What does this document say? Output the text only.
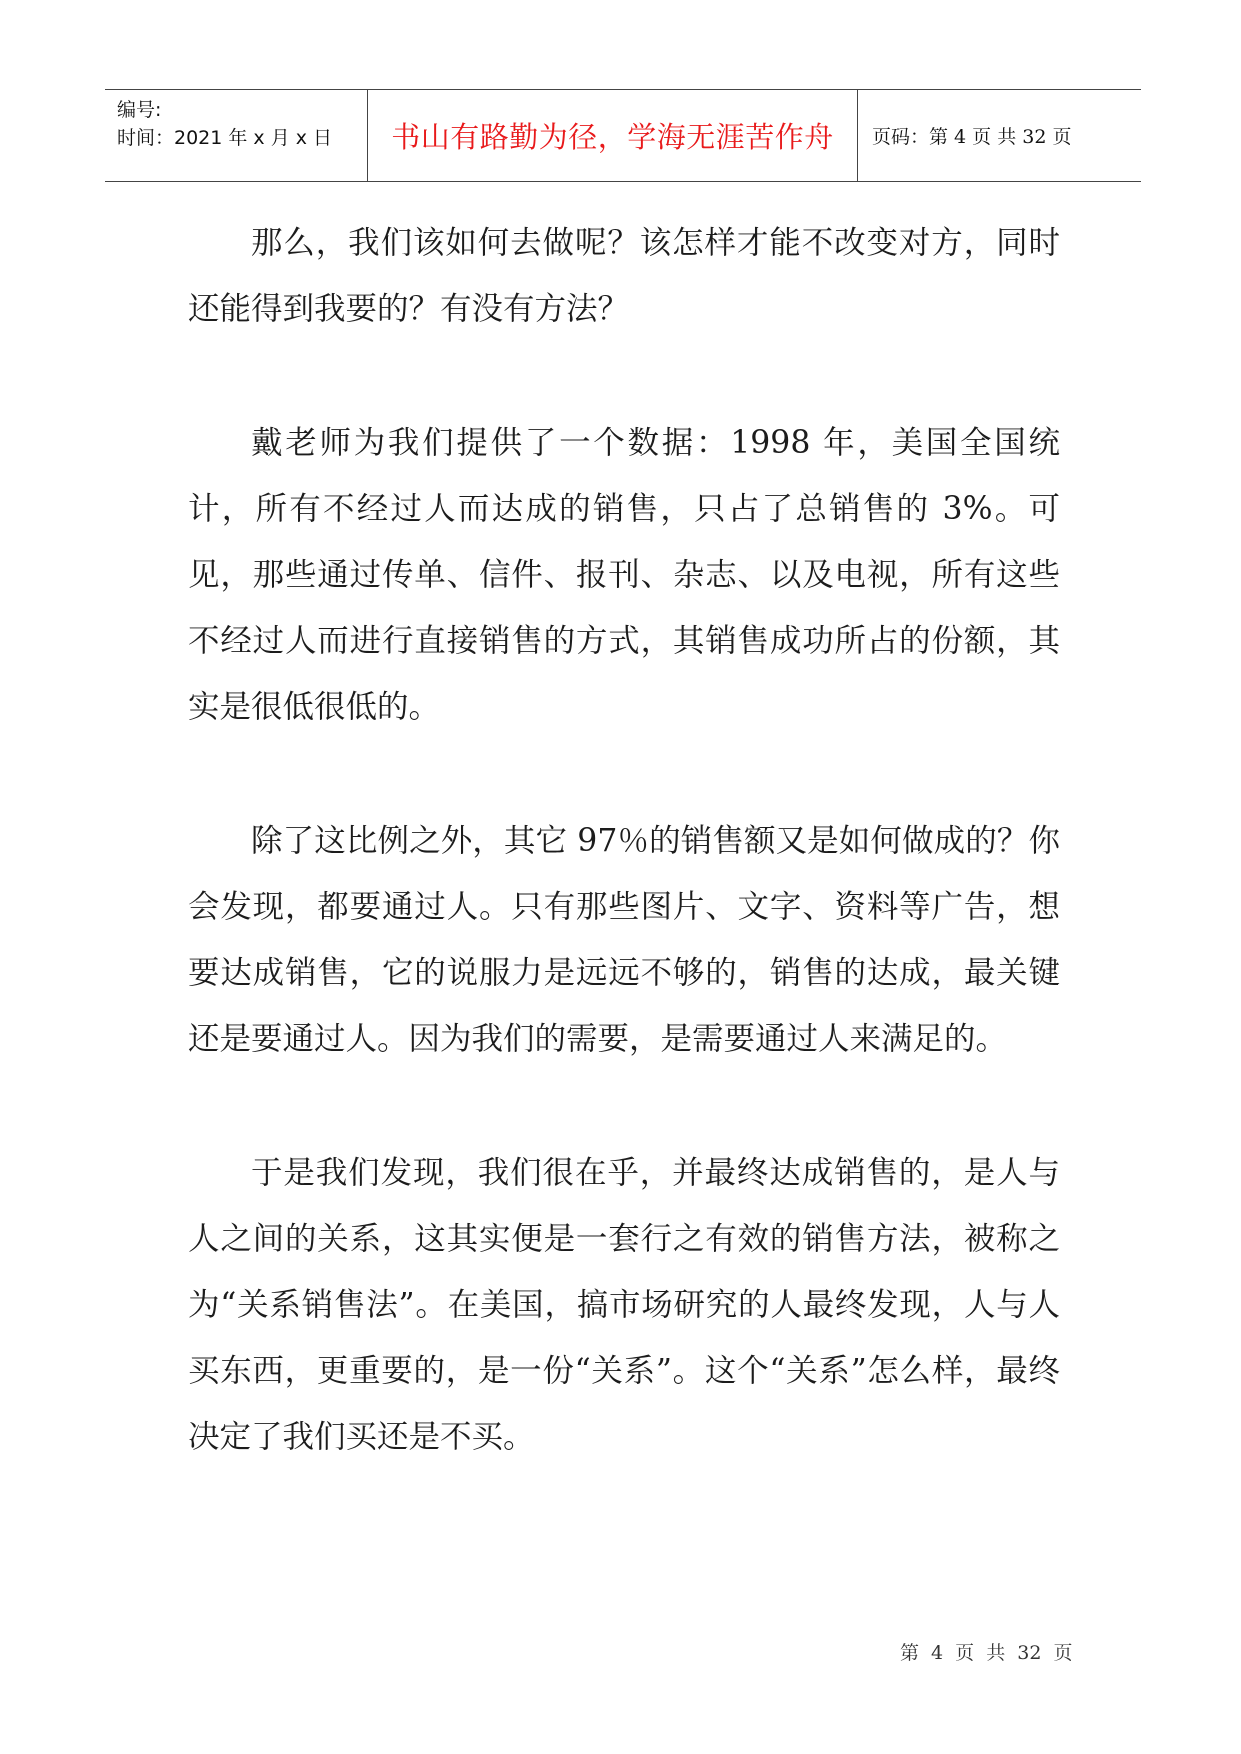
编号:
时间：2021 年 x 月 x 日	书山有路勤为径，学海无涯苦作舟	页码：第 4 页 共 32 页

那么，我们该如何去做呢？该怎样才能不改变对方，同时还能得到我要的？有没有方法？

戴老师为我们提供了一个数据：1998 年，美国全国统计，所有不经过人而达成的销售，只占了总销售的 3%。可见，那些通过传单、信件、报刊、杂志、以及电视，所有这些不经过人而进行直接销售的方式，其销售成功所占的份额，其实是很低很低的。

除了这比例之外，其它 97％的销售额又是如何做成的？你会发现，都要通过人。只有那些图片、文字、资料等广告，想要达成销售，它的说服力是远远不够的，销售的达成，最关键还是要通过人。因为我们的需要，是需要通过人来满足的。

于是我们发现，我们很在乎，并最终达成销售的，是人与人之间的关系，这其实便是一套行之有效的销售方法，被称之为“关系销售法”。在美国，搞市场研究的人最终发现，人与人买东西，更重要的，是一份“关系”。这个“关系”怎么样，最终决定了我们买还是不买。

第 4 页 共 32 页
